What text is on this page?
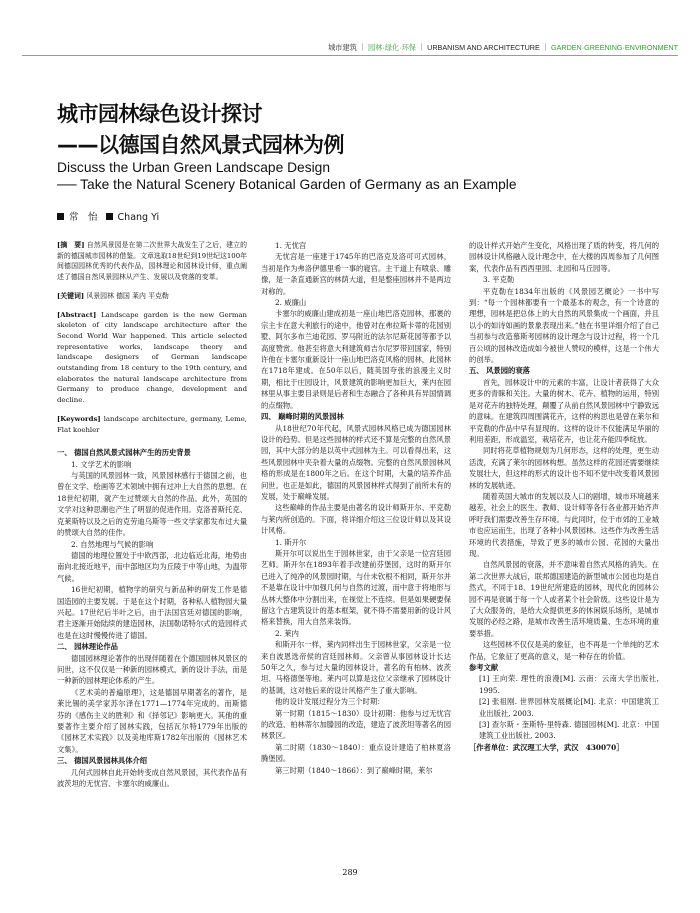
城市建筑 ｜ 园林·绿化·环保 ｜ URBANISM AND ARCHITECTURE ｜ GARDEN·GREENING·ENVIRONMENT
城市园林绿色设计探讨
——以德国自然风景式园林为例
Discuss the Urban Green Landscape Design
── Take the Natural Scenery Botanical Garden of Germany as an Example
常　怡 Chang Yi

[摘　要] 自然风景园是在第二次世界大战发生了之后，建立的新的德国城市园林的借鉴。文章选取18世纪到19世纪这100年间德国园林优秀的代表作品，园林理论和园林设计师，重点阐述了德国自然风景园林从产生、发展以及衰落的变革。

[关键词] 风景园林 德国 莱内 平克勒

[Abstract] Landscape garden is the new German skeleton of city landscape architecture after the Second World War happened. This article selected representative works, landscape theory and landscape designers of German landscape outstanding from 18 century to the 19th century, and elaborates the natural landscape architecture from Germany to produce change, development and decline.

[Keywords] landscape architecture, germany, Leme, Flat koehler

一、 德国自然风景式园林产生的历史背景

1. 文学艺术的影响

与英国的风景园林一致，风景园林感行于德国之前，也曾在文学、绘画等艺术领域中拥有过冲上大自然的思想。在18世纪初期，就产生过赞颂大自然的作品。此外，英国的文学对这种思潮也产生了明显的促进作用。克洛普斯托克、克莱斯特以及之后的克劳迪乌斯等一些文学家都发布过大量的赞颂大自然的佳作。

2. 自然地理与气候的影响

德国的地理位置处于中欧西部，北边临近北海，地势由南向北接近地平，而中部地区均为丘陵于中等山地，为温带气候。

16世纪初期，植物学的研究与新品种的研发工作是德国造园的主要发展。于是在这个时期，各种私人植物园大量兴起。17世纪后半叶之后，由于法国宫廷对德国的影响，君主逐渐开始陆续的建造园林，法国勒诺特尔式的造园样式也是在这时慢慢传进了德国。

二、 园林理论作品

德国园林理论著作的出现伴随着在个德国园林风景区的问世，这不仅仅是一种新的园林模式，新的设计手法，而是一种新的园林理论体系的产生。

《艺术美的普遍原理》，这是德国早期著名的著作，是莱比锡的美学家苏尔泽在1771—1774年完成的。而斯德芬的《感伤主义的胜利》和《择邻记》影响更大。其他的重要著作主要介绍了园林实践，包括瓦尔特1779年出版的《园林艺术实践》以及美地库斯1782年出版的《园林艺术文集》。

三、 德国风景园林具体介绍

几何式园林自此开始转变成自然风景园，其代表作品有波茨坦的无忧宫、卡塞尔的威廉山。

1. 无忧宫

无忧宫是一座建于1745年的巴洛克及洛可可式园林，当初是作为弗洛伊德里希一事的寝宫。主干道上有喷泉、雕像，是一条直通新宫的林荫大道，但是整座园林并不是两边对称的。

2. 威廉山

卡塞尔的威廉山建成初是一座山地巴洛克园林，那裹的宗主卡在意大利旅行的途中，他曾对在弗拉斯卡蒂的花园别墅、阿尔多布兰迪花园、罗马附近的法尔尼斯花园等都予以高度赞赏。他甚至将意大利建筑师吉尔尼罗带回国家，特别许他在卡塞尔重新设计一座山地巴洛克风格的园林，此园林在1718年建成。在50年以后，随英国夸张的浪漫主义时期，相比于庄园设计，风景建筑的影响更加巨大，莱内在园林里从事主要目录则是后者和生态融合了各种具有异国情调的点缀物。

四、 巅峰时期的风景园林

从18世纪70年代起，风景式园林风格已成为德国园林设计的趋势。但是这些园林的样式还不算是完整的自然风景园，其中大部分的是以英中式园林为主。可以看得出来，这些风景园林中夹杂着大量的点缀物。完整的自然风景园林风格的形成是在1800年之后。在这个时期，大量的培养作品问世。也正是如此，德国的风景园林样式得到了前所未有的发展，处于巅峰发展。

这些巅峰的作品主要是由著名的设计师斯开尔、平克勒与莱内所创造的。下面，将详细介绍这三位设计师以及其设计风格。

1. 斯开尔

斯开尔可以说出生于园林世家，由于父亲是一位宫廷园艺师。斯开尔在1893年着手改建前芬堡园，这时的斯开尔已进入了纯净的风景园时期，与什未钦根不相同，斯开尔并不是靠在设计中加强几何与自然的过渡，而中意于将地形与丛林大整体中分割出来，在视觉上不连续。但是如果硬要保留这个古建筑设计的基本框架，就不得不需要用新的设计风格来替换，用大自然来装饰。

2. 莱内

和斯开尔一样，莱内同样出生于园林世家，父亲是一位来自波恩选帝侯的宫廷园林师。父亲曾从事园林设计长达50年之久，参与过大量的园林设计，著名的有柏林、波茨坦、马格德堡等地。莱内可以算是这位父亲继承了园林设计的基调，这对他后来的设计风格产生了重大影响。

他的设计发展过程分为三个时期：

第一时期（1815～1830）设计初期：他参与过无忧宫的改造、柏林蒂尔加滕园的改造，建造了波茨坦等著名的园林景区。

第二时期（1830～1840）：重点设计建造了柏林夏洛腾堡园。

第三时期（1840～1866）：到了巅峰时期，莱尔

的设计样式开始产生变化，风格出现了质的转变，将几何的园林设计风格融入设计理念中，在大楼的四周参加了几何图案，代表作品有西西里园、北园和马丘园等。

3. 平克勒

平克勒在1834年出版的《风景园艺概论》一书中写到：“每一个园林都要有一个最基本的观念，有一个诗意的理想，园林是把总体上的大自然的风景集成一个画面，并且以小的如诗如画的景象表现出来。”他在书里详细介绍了自己当初参与改造慕斯考园林的设计理念与设计过程，将一个几百公顷的园林改造成如今被世人赞叹的模样，这是一个伟大的创举。

五、 风景园的衰落

首先，园林设计中的元素的丰富，让设计者获得了大众更多的青睐和关注。大量的树木、花卉、植物的运用，特别是对花卉的独特处理，颠覆了从前自然风景园林中宁静致远的意味。在建筑四周围满花卉，这样的构思也是曾在莱尔和平克勒的作品中早有显现的。这样的设计不仅能满足华丽的利用差距，形成温室，栽培花卉，也让花卉能四季绽放。

同时将花草植物规划为几何形态，这样的处理，更生动活泼，充满了莱尔的园林构想。虽然这样的花园还需要继续发展壮大，但这样的形式的设计也不知不觉中改变着风景园林的发展轨迹。

随着英国大城市的发展以及人口的剧增，城市环境越来越差，社会上的医生、教师、设计师等各行各业都开始齐声呼吁我们需要改善生存环境。与此同时，位于市郊的工业城市也应运而生，出现了各种小风景园林。这些作为改善生活环境的代表措施，导致了更多的城市公园、花园的大量出现。

自然风景园的衰落，并不意味着自然式风格的消失。在第二次世界大战后，联邦德国建造的新型城市公园也均是自然式，不同于18、19世纪所建造的园林，现代化的园林公园不再是衰属于每一个人或者某个社会阶级。这些设计是为了大众服务的，是给大众提供更多的休闲娱乐场所，是城市发展的必经之路，是城市改善生活环境质量、生态环境的重要举措。

这些园林不仅仅是美的象征，也不再是一个单纯的艺术作品，它象征了更高的意义，是一种存在的价值。

参考文献

[1] 王向荣. 理性的浪漫[M]. 云南：云南大学出版社, 1995.

[2] 张祖刚. 世界园林发展概论[M]. 北京：中国建筑工业出版社, 2003.

[3] 查尔斯・奎斯特-里特森. 德国园林[M]. 北京：中国建筑工业出版社, 2003.

［作者单位：武汉理工大学，武汉　430070］

289
